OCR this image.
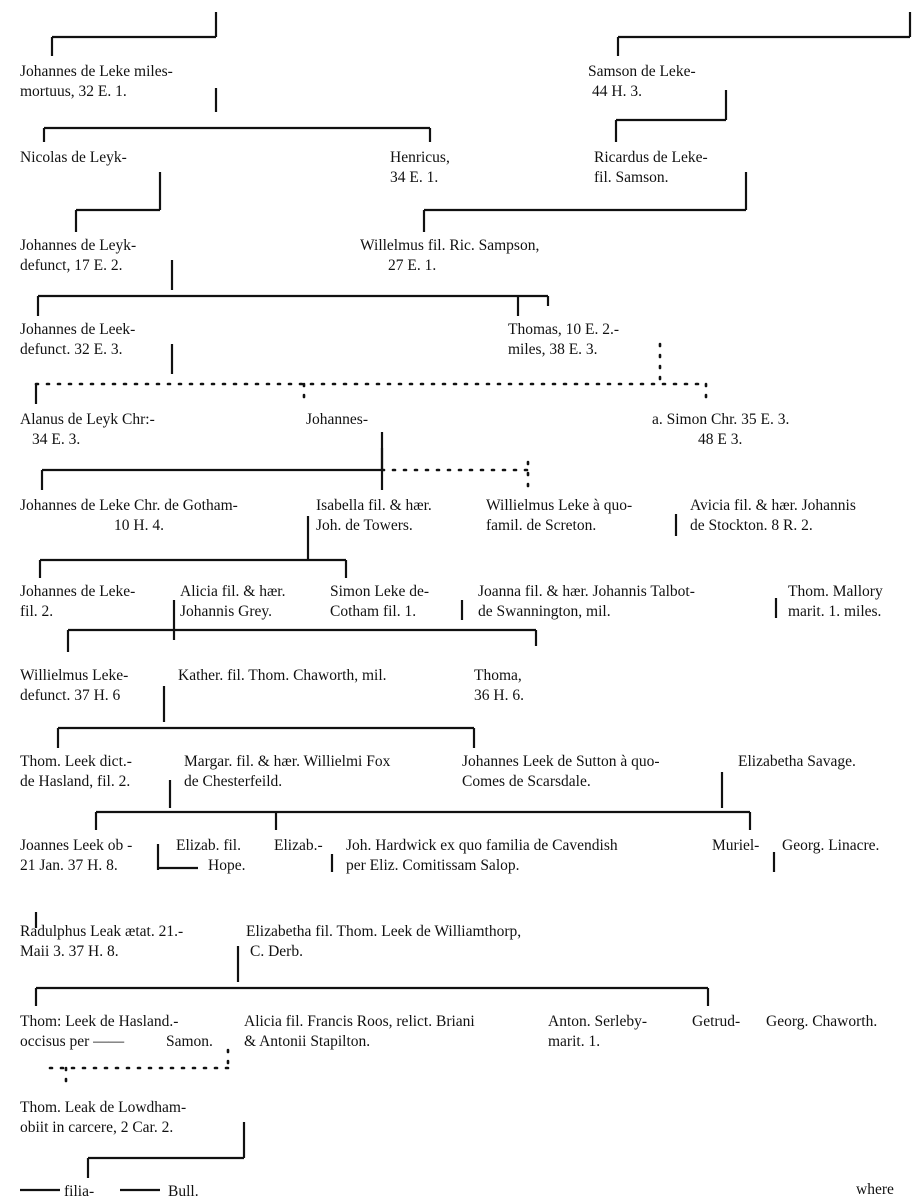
Johannes de Leke miles-
mortuus, 32 E. 1.
Samson de Leke-
44 H. 3.
Nicolas de Leyk-	Henricus,
34 E. 1.
Ricardus de Leke-
fil. Samson.
Johannes de Leyk-
defunct, 17 E. 2.
Willelmus fil. Ric. Sampson,
27 E. 1.
Johannes de Leek-
defunct. 32 E. 3.
Thomas, 10 E. 2.-
miles, 38 E. 3.
Alanus de Leyk Chr:-
34 E. 3.
Johannes-	a. Simon Chr. 35 E. 3.
48 E 3.
Johannes de Leke Chr. de Gotham-
10 H. 4.
Isabella fil. & hær.
Joh. de Towers.
Willielmus Leke à quo-
famil. de Screton.
Avicia fil. & hær. Johannis
de Stockton. 8 R. 2.
Johannes de Leke-
fil. 2.
Alicia fil. & hær.
Johannis Grey.
Simon Leke de-
Cotham fil. 1.
Joanna fil. & hær. Johannis Talbot-
de Swannington, mil.
Thom. Mallory
marit. 1. miles.
Willielmus Leke-
defunct. 37 H. 6
Kather. fil. Thom. Chaworth, mil.	Thoma,
36 H. 6.
Thom. Leek dict.-
de Hasland, fil. 2.
Margar. fil. & hær. Willielmi Fox
de Chesterfeild.
Johannes Leek de Sutton à quo-
Comes de Scarsdale.
Elizabetha Savage.
Joannes Leek ob -
21 Jan. 37 H. 8.
Elizab. fil.
Hope.
Elizab.- Joh. Hardwick ex quo familia de Cavendish
per Eliz. Comitissam Salop.
Muriel- Georg. Linacre.
Radulphus Leak ætat. 21.-
Maii 3. 37 H. 8.
Elizabetha fil. Thom. Leek de Williamthorp,
C. Derb.
Thom: Leek de Hasland.-
occisus per ——	Samon.
Alicia fil. Francis Roos, relict. Briani
& Antonii Stapilton.
Anton. Serleby-
marit. 1.
Getrud- Georg. Chaworth.
Thom. Leak de Lowdham-
obiit in carcere, 2 Car. 2.
filia-	Bull.	where
